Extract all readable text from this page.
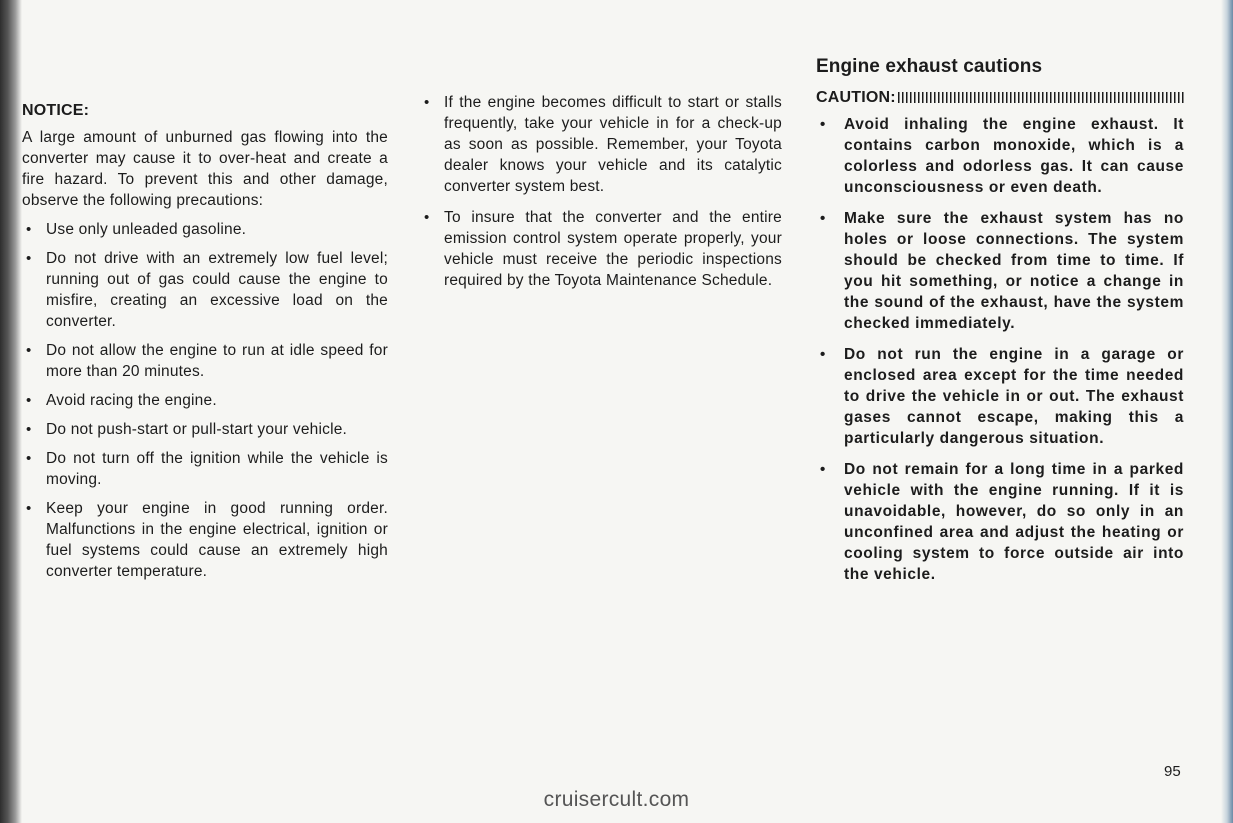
NOTICE:

A large amount of unburned gas flowing into the converter may cause it to over-heat and create a fire hazard. To prevent this and other damage, observe the following precautions:

• Use only unleaded gasoline.
• Do not drive with an extremely low fuel level; running out of gas could cause the engine to misfire, creating an excessive load on the converter.
• Do not allow the engine to run at idle speed for more than 20 minutes.
• Avoid racing the engine.
• Do not push-start or pull-start your vehicle.
• Do not turn off the ignition while the vehicle is moving.
• Keep your engine in good running order. Malfunctions in the engine electrical, ignition or fuel systems could cause an extremely high converter temperature.
• If the engine becomes difficult to start or stalls frequently, take your vehicle in for a check-up as soon as possible. Remember, your Toyota dealer knows your vehicle and its catalytic converter system best.
• To insure that the converter and the entire emission control system operate properly, your vehicle must receive the periodic inspections required by the Toyota Maintenance Schedule.
Engine exhaust cautions
CAUTION:
• Avoid inhaling the engine exhaust. It contains carbon monoxide, which is a colorless and odorless gas. It can cause unconsciousness or even death.
• Make sure the exhaust system has no holes or loose connections. The system should be checked from time to time. If you hit something, or notice a change in the sound of the exhaust, have the system checked immediately.
• Do not run the engine in a garage or enclosed area except for the time needed to drive the vehicle in or out. The exhaust gases cannot escape, making this a particularly dangerous situation.
• Do not remain for a long time in a parked vehicle with the engine running. If it is unavoidable, however, do so only in an unconfined area and adjust the heating or cooling system to force outside air into the vehicle.
95
cruisercult.com
